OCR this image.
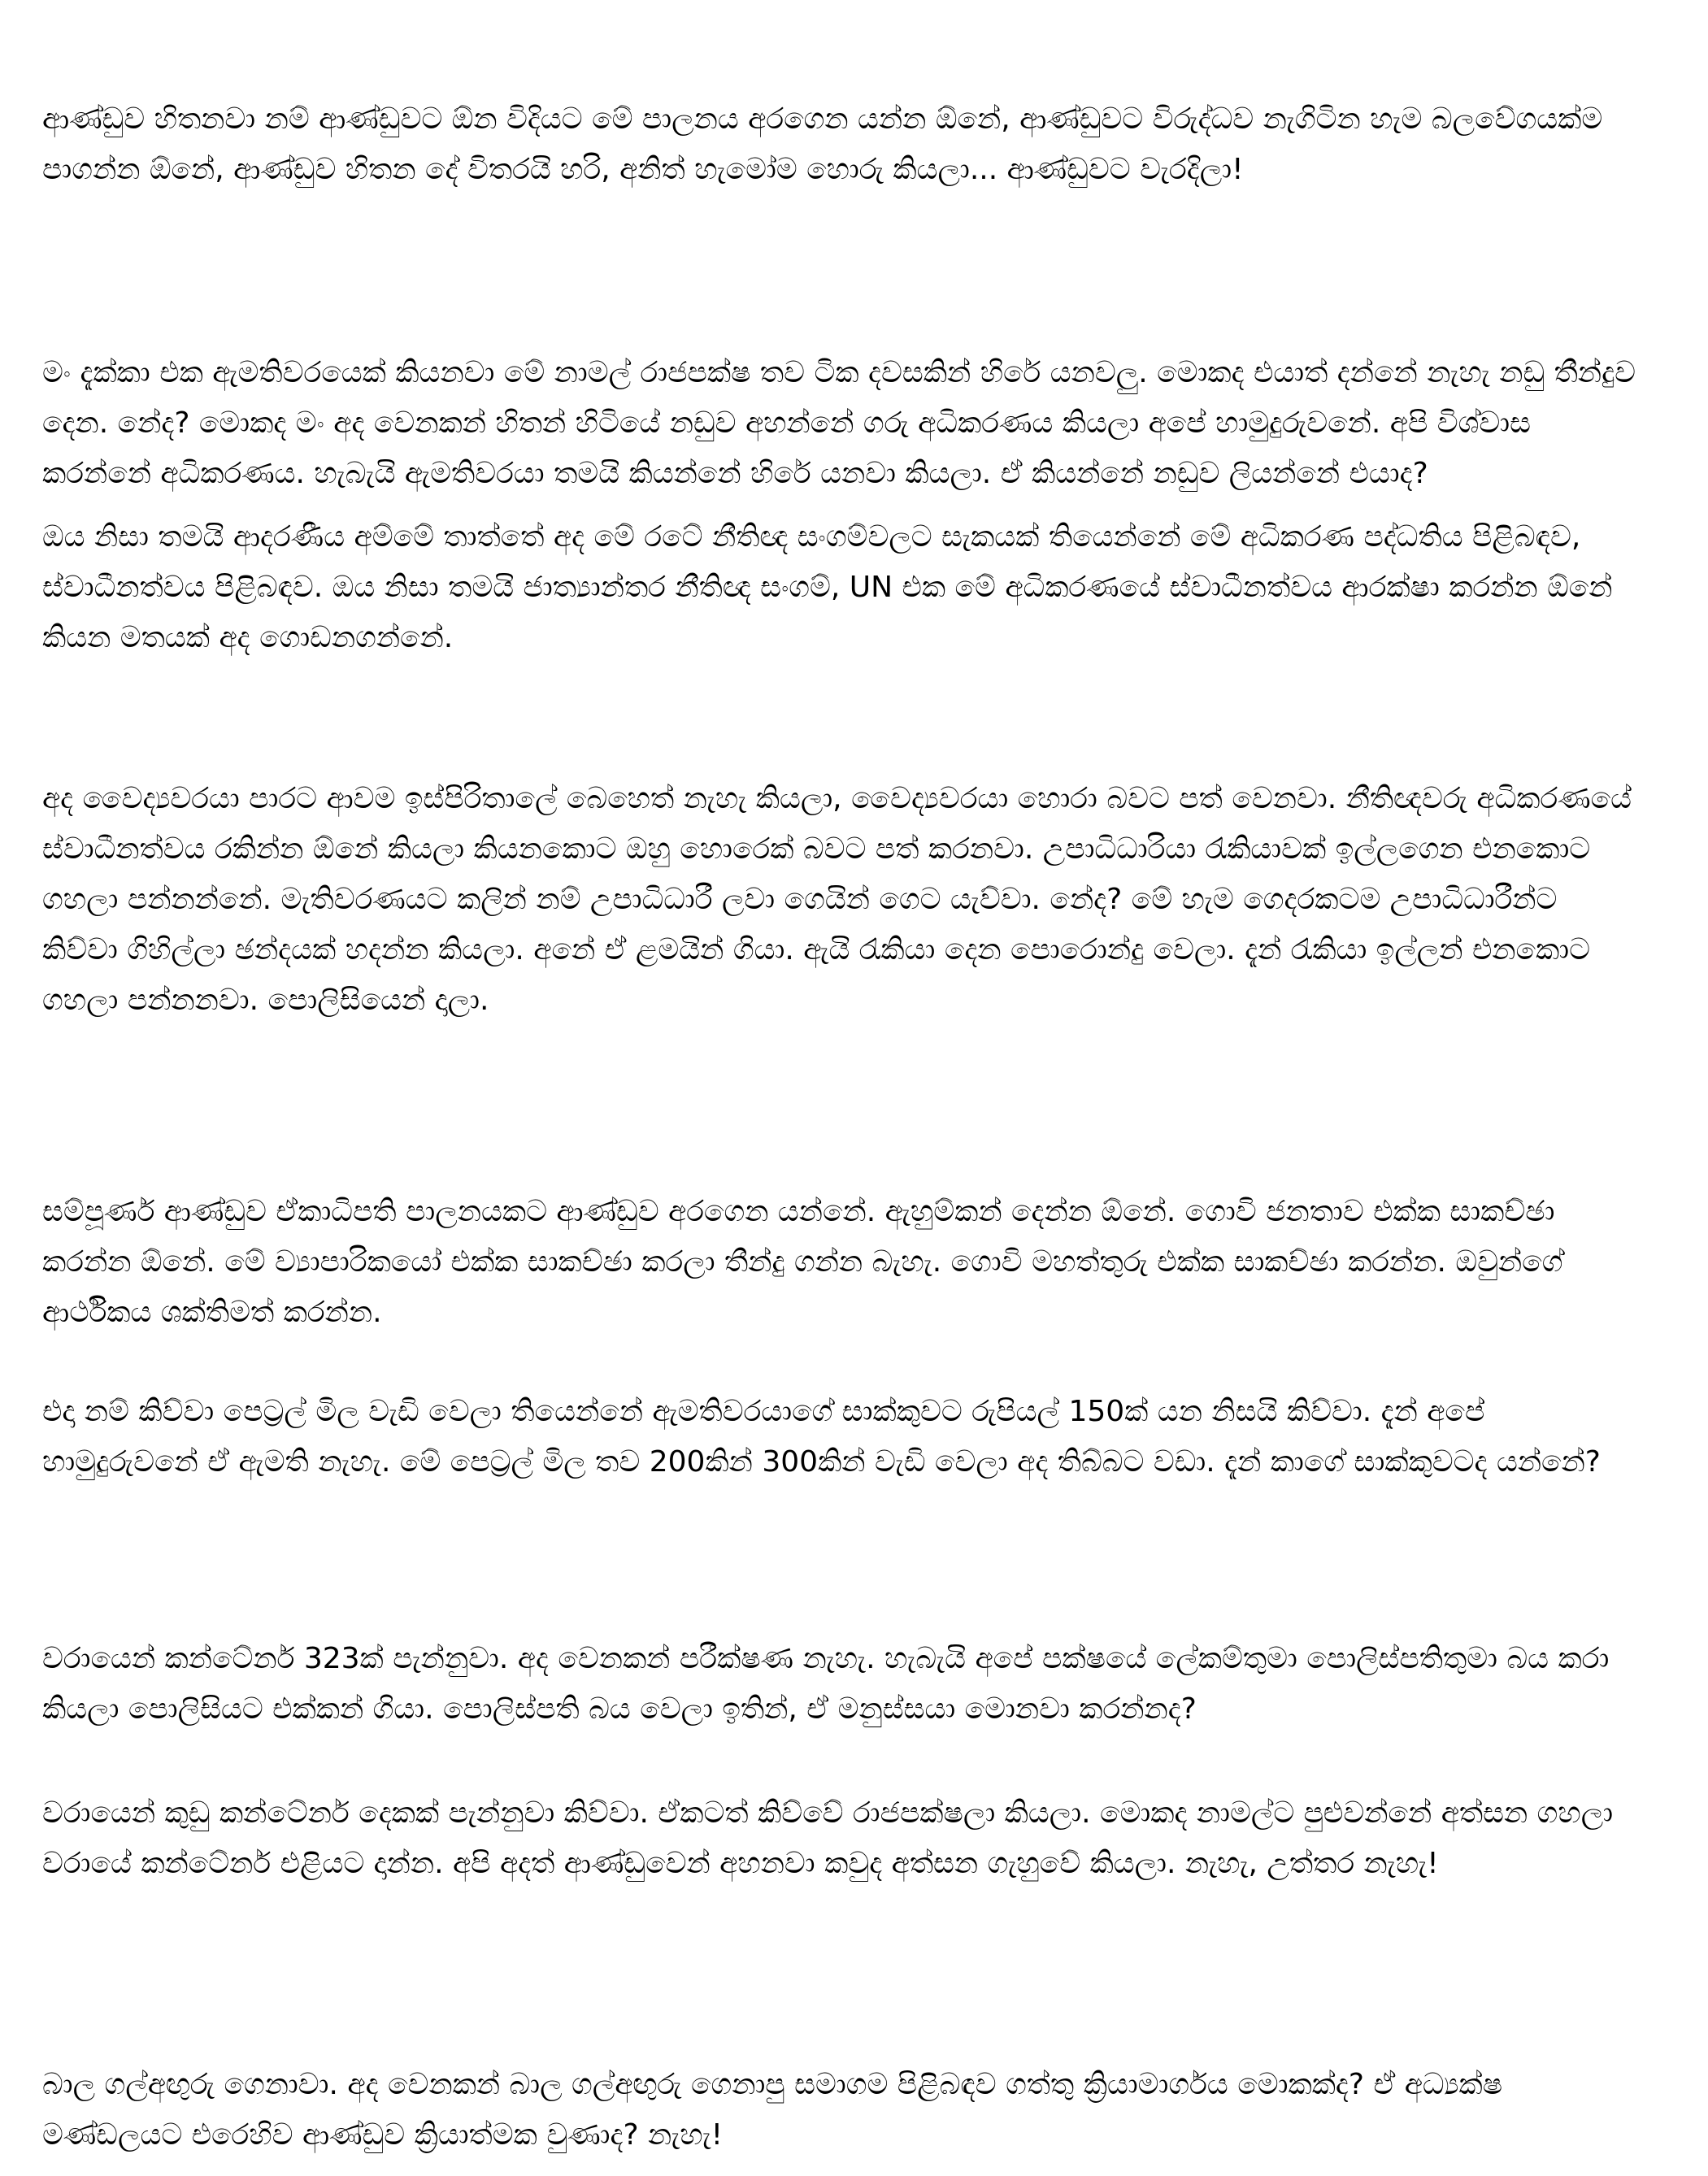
ආණ්ඩුව හිතනවා නම් ආණ්ඩුවට ඕන විදියට මේ පාලනය අරගෙන යන්න ඕනේ, ආණ්ඩුවට විරුද්ධව නැගිටින හැම බලවේගයක්ම පාගන්න ඕනේ, ආණ්ඩුව හිතන දේ විතරයි හරි, අනිත් හැමෝම හොරු කියලා... ආණ්ඩුවට වැරදිලා!

මං දැක්කා එක ඇමතිවරයෙක් කියනවා මේ නාමල් රාජපක්ෂ තව ටික දවසකින් හිරේ යනවලු. මොකද එයාත් දන්නේ නැහැ නඩු තීන්දුව දෙන. නේද? මොකද මං අද වෙනකන් හිතන් හිටියේ නඩුව අහන්නේ ගරු අධිකරණය කියලා අපේ හාමුදුරුවනේ. අපි විශ්වාස කරන්නේ අධිකරණය. හැබැයි ඇමතිවරයා තමයි කියන්නේ හිරේ යනවා කියලා. ඒ කියන්නේ නඩුව ලියන්නේ එයාද?

ඔය නිසා තමයි ආදරණීය අම්මේ තාත්තේ අද මේ රටේ නීතිඥ සංගම්වලට සැකයක් තියෙන්නේ මේ අධිකරණ පද්ධතිය පිළිබඳව, ස්වාධීනත්වය පිළිබඳව. ඔය නිසා තමයි ජාත්‍යාන්තර නීතිඥ සංගම්, UN එක මේ අධිකරණයේ ස්වාධීනත්වය ආරක්ෂා කරන්න ඕනේ කියන මතයක් අද ගොඩනගන්නේ.

අද වෛද්‍යවරයා පාරට ආවම ඉස්පිරිතාලේ බෙහෙත් නැහැ කියලා, වෛද්‍යවරයා හොරා බවට පත් වෙනවා. නීතිඥවරු අධිකරණයේ ස්වාධීනත්වය රකින්න ඕනේ කියලා කියනකොට ඔහු හොරෙක් බවට පත් කරනවා. උපාධිධාරියා රැකියාවක් ඉල්ලගෙන එනකොට ගහලා පන්නන්නේ. මැතිවරණයට කලින් නම් උපාධිධාරී ලවා ගෙයින් ගෙට යැව්වා. නේද? මේ හැම ගෙදරකටම උපාධිධාරීන්ට කිව්වා ගිහිල්ලා ඡන්දයක් හදන්න කියලා. අනේ ඒ ළමයින් ගියා. ඇයි රැකියා දෙන පොරොන්දු වෙලා. දැන් රැකියා ඉල්ලන් එනකොට ගහලා පන්නනවා. පොලිසියෙන් දාලා.

සම්පූර්ණ ආණ්ඩුව ඒකාධිපති පාලනයකට ආණ්ඩුව අරගෙන යන්නේ. ඇහුම්කන් දෙන්න ඕනේ. ගොවි ජනතාව එක්ක සාකච්ඡා කරන්න ඕනේ. මේ ව්‍යාපාරිකයෝ එක්ක සාකච්ඡා කරලා තීන්දු ගන්න බැහැ. ගොවි මහත්තුරු එක්ක සාකච්ඡා කරන්න. ඔවුන්ගේ ආර්ථිකය ශක්තිමත් කරන්න.

එදා නම් කිව්වා පෙට්‍රල් මිල වැඩි වෙලා තියෙන්නේ ඇමතිවරයාගේ සාක්කුවට රුපියල් 150ක් යන නිසයි කිව්වා. දැන් අපේ හාමුදුරුවනේ ඒ ඇමති නැහැ. මේ පෙට්‍රල් මිල තව 200කින් 300කින් වැඩි වෙලා අද තිබ්බට වඩා. දැන් කාගේ සාක්කුවටද යන්නේ?

වරායෙන් කන්ටේනර් 323ක් පැන්නුවා. අද වෙනකන් පරීක්ෂණ නැහැ. හැබැයි අපේ පක්ෂයේ ලේකම්තුමා පොලිස්පතිතුමා බය කරා කියලා පොලිසියට එක්කන් ගියා. පොලිස්පති බය වෙලා ඉතින්, ඒ මනුස්සයා මොනවා කරන්නද?

වරායෙන් කුඩු කන්ටේනර් දෙකක් පැන්නුවා කිව්වා. ඒකටත් කිව්වේ රාජපක්ෂලා කියලා. මොකද නාමල්ට පුළුවන්නේ අත්සන ගහලා වරායේ කන්ටේනර් එළියට දාන්න. අපි අදත් ආණ්ඩුවෙන් අහනවා කවුද අත්සන ගැහුවේ කියලා. නැහැ, උත්තර නැහැ!

බාල ගල්අඟුරු ගෙනාවා. අද වෙනකන් බාල ගල්අඟුරු ගෙනාපු සමාගම පිළිබඳව ගත්තු ක්‍රියාමාර්ගය මොකක්ද? ඒ අධ්‍යක්ෂ මණ්ඩලයට එරෙහිව ආණ්ඩුව ක්‍රියාත්මක වුණාද? නැහැ!
